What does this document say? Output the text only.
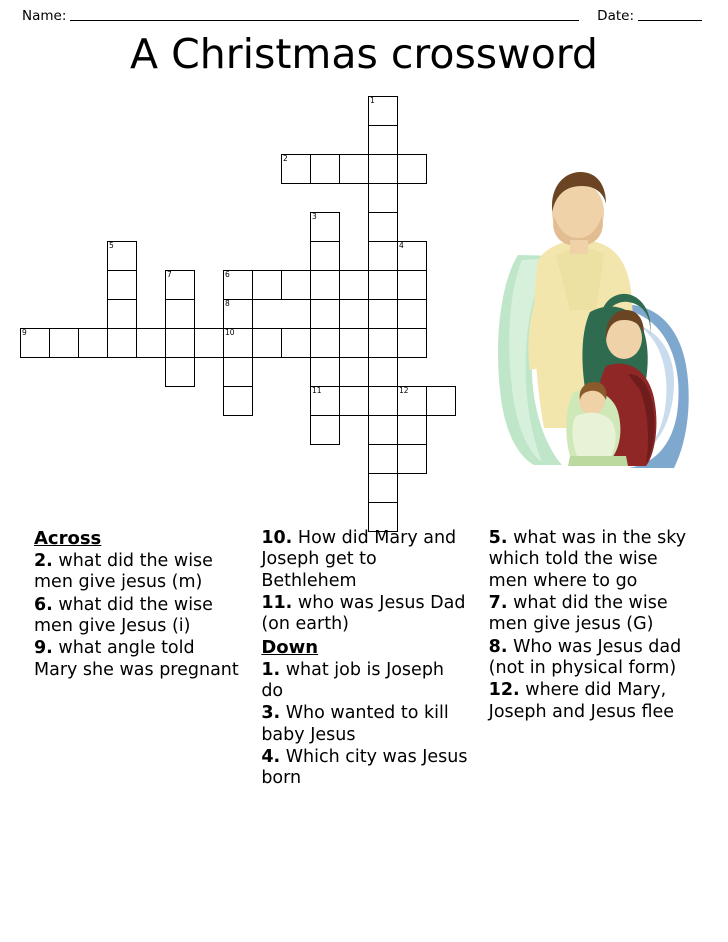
Name:	Date:
A Christmas crossword
1
2
3
4
5
6
7
8
9	10
11	12
Across
2. what did the wise men give jesus (m)
6. what did the wise men give Jesus (i)
9. what angle told Mary she was pregnant
10. How did Mary and Joseph get to Bethlehem
11. who was Jesus Dad (on earth)
Down
1. what job is Joseph do
3. Who wanted to kill baby Jesus
4. Which city was Jesus born
5. what was in the sky which told the wise men where to go
7. what did the wise men give jesus (G)
8. Who was Jesus dad (not in physical form)
12. where did Mary, Joseph and Jesus flee
